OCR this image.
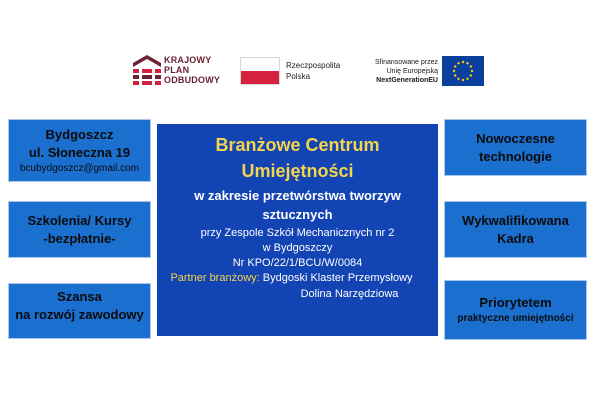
KRAJOWY
PLAN
ODBUDOWY
Rzeczpospolita
Polska
Sfinansowane przez
Unię Europejską
NextGenerationEU
Bydgoszcz
ul. Słoneczna 19
bcubydgoszcz@gmail.com
Szkolenia/ Kursy
-bezpłatnie-
Szansa
na rozwój zawodowy
Nowoczesne
technologie
Wykwalifikowana
Kadra
Priorytetem
praktyczne umiejętności
Branżowe Centrum
Umiejętności
w zakresie przetwórstwa tworzyw
sztucznych
przy Zespole Szkół Mechanicznych nr 2
w Bydgoszczy
Nr KPO/22/1/BCU/W/0084
Partner branżowy: Bydgoski Klaster Przemysłowy
Dolina Narzędziowa
